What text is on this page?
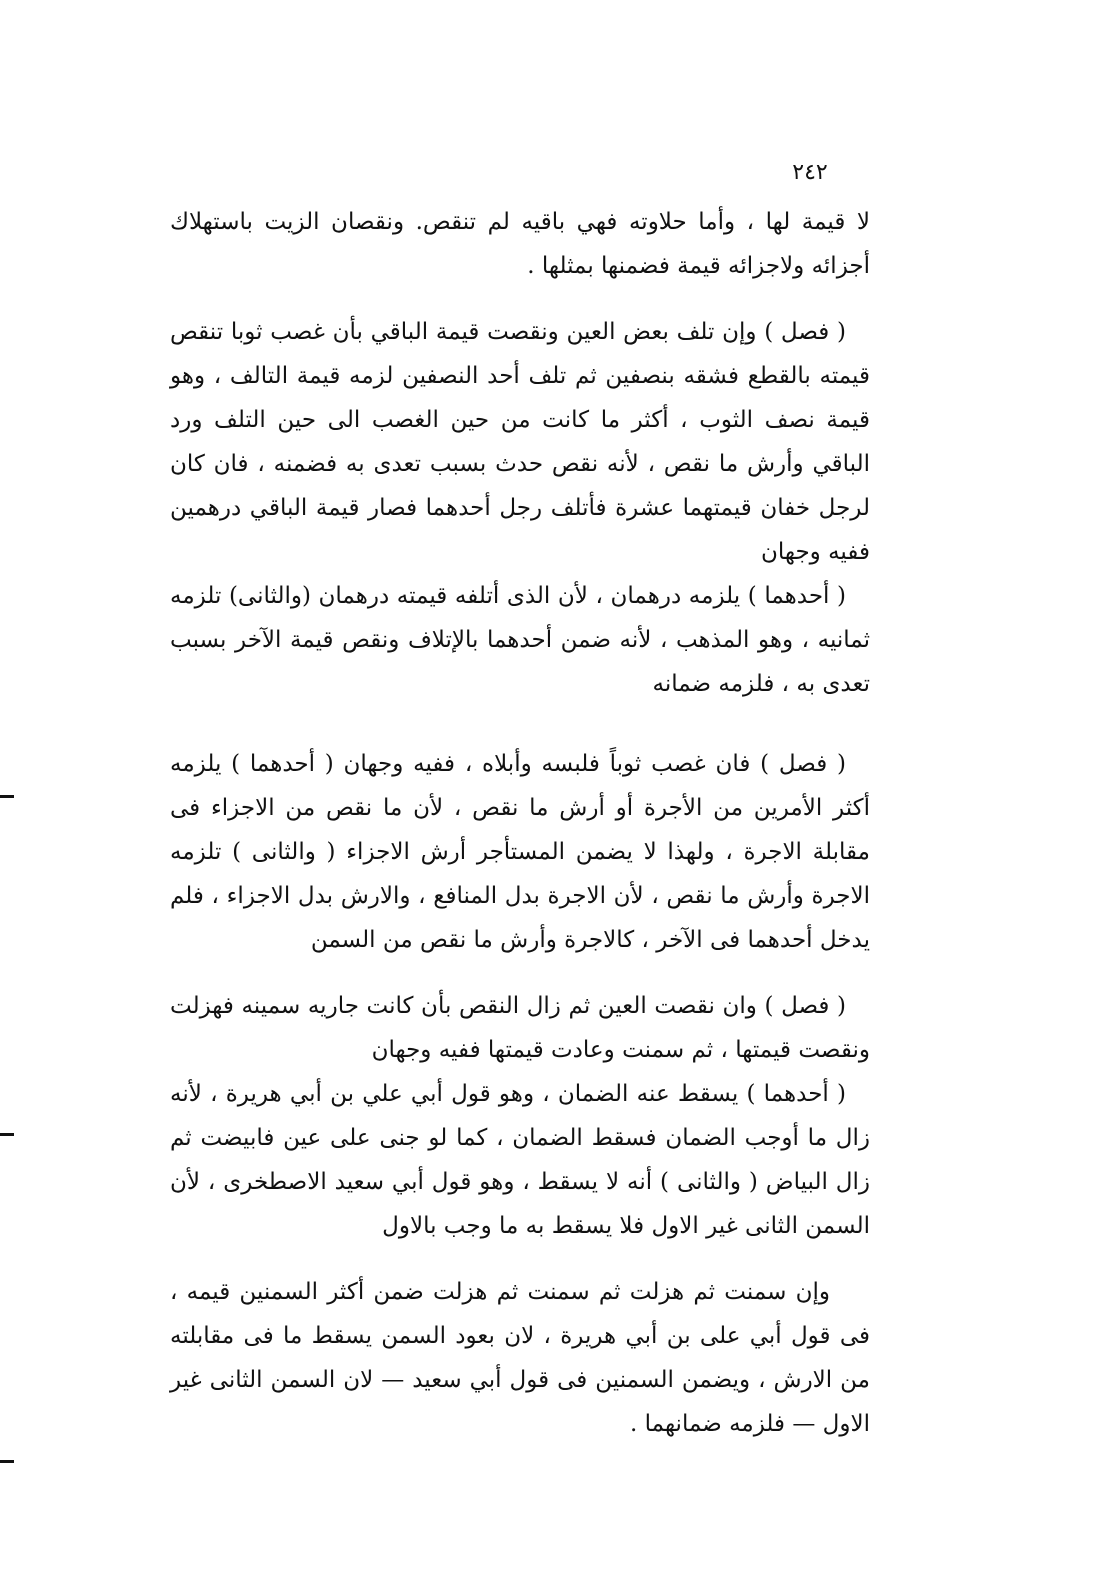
٢٤٢

لا قيمة لها ، وأما حلاوته فهي باقيه لم تنقص. ونقصان الزيت باستهلاك أجزائه ولاجزائه قيمة فضمنها بمثلها .

( فصل ) وإن تلف بعض العين ونقصت قيمة الباقي بأن غصب ثوبا تنقص قيمته بالقطع فشقه بنصفين ثم تلف أحد النصفين لزمه قيمة التالف ، وهو قيمة نصف الثوب ، أكثر ما كانت من حين الغصب الى حين التلف ورد الباقي وأرش ما نقص ، لأنه نقص حدث بسبب تعدى به فضمنه ، فان كان لرجل خفان قيمتهما عشرة فأتلف رجل أحدهما فصار قيمة الباقي درهمين ففيه وجهان

( أحدهما ) يلزمه درهمان ، لأن الذى أتلفه قيمته درهمان (والثانى) تلزمه ثمانيه ، وهو المذهب ، لأنه ضمن أحدهما بالإتلاف ونقص قيمة الآخر بسبب تعدى به ، فلزمه ضمانه

( فصل ) فان غصب ثوباً فلبسه وأبلاه ، ففيه وجهان ( أحدهما ) يلزمه أكثر الأمرين من الأجرة أو أرش ما نقص ، لأن ما نقص من الاجزاء فى مقابلة الاجرة ، ولهذا لا يضمن المستأجر أرش الاجزاء ( والثانى ) تلزمه الاجرة وأرش ما نقص ، لأن الاجرة بدل المنافع ، والارش بدل الاجزاء ، فلم يدخل أحدهما فى الآخر ، كالاجرة وأرش ما نقص من السمن

( فصل ) وان نقصت العين ثم زال النقص بأن كانت جاريه سمينه فهزلت ونقصت قيمتها ، ثم سمنت وعادت قيمتها ففيه وجهان

( أحدهما ) يسقط عنه الضمان ، وهو قول أبي علي بن أبي هريرة ، لأنه زال ما أوجب الضمان فسقط الضمان ، كما لو جنى على عين فابيضت ثم زال البياض ( والثانى ) أنه لا يسقط ، وهو قول أبي سعيد الاصطخرى ، لأن السمن الثانى غير الاول فلا يسقط به ما وجب بالاول

وإن سمنت ثم هزلت ثم سمنت ثم هزلت ضمن أكثر السمنين قيمه ، فى قول أبي على بن أبي هريرة ، لان بعود السمن يسقط ما فى مقابلته من الارش ، ويضمن السمنين فى قول أبي سعيد — لان السمن الثانى غير الاول — فلزمه ضمانهما .
